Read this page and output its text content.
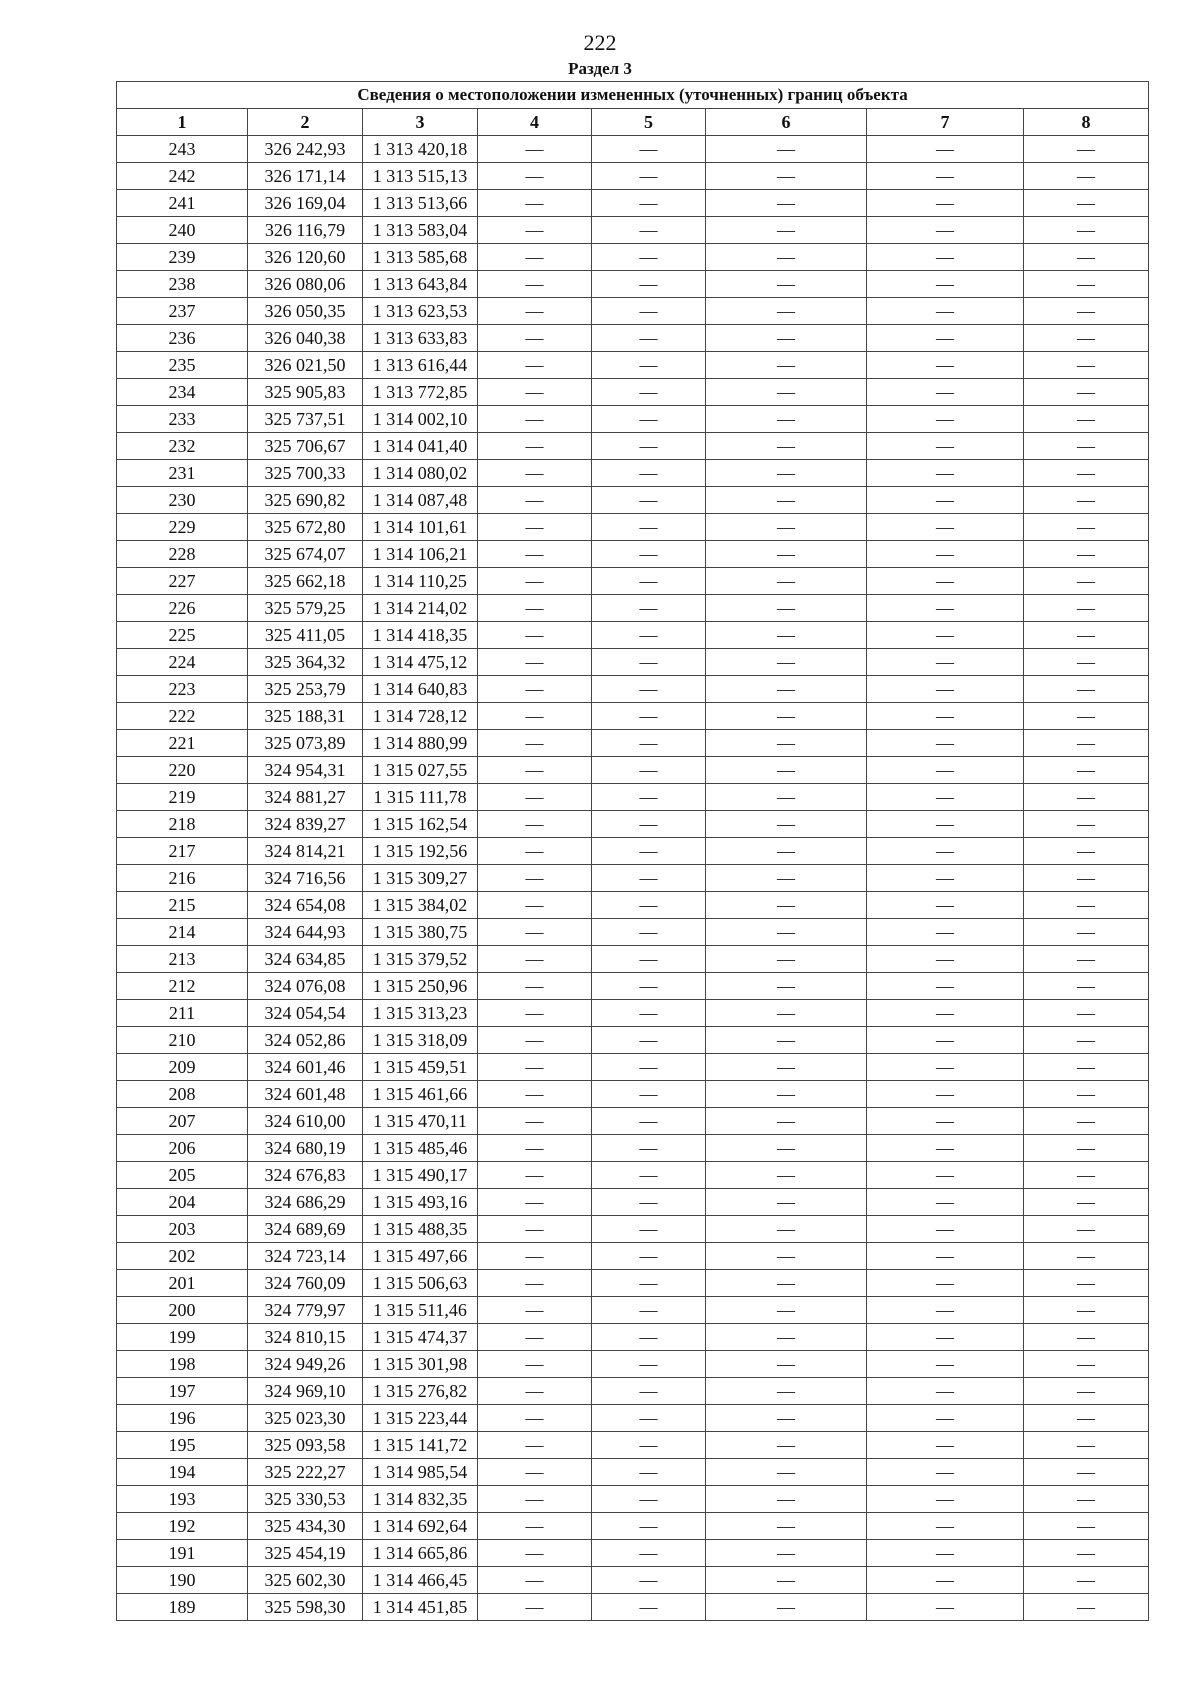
222
Раздел 3
Сведения о местоположении измененных (уточненных) границ объекта							
1	2	3	4	5	6	7	8
243	326 242,93	1 313 420,18	—	—	—	—	—
242	326 171,14	1 313 515,13	—	—	—	—	—
241	326 169,04	1 313 513,66	—	—	—	—	—
240	326 116,79	1 313 583,04	—	—	—	—	—
239	326 120,60	1 313 585,68	—	—	—	—	—
238	326 080,06	1 313 643,84	—	—	—	—	—
237	326 050,35	1 313 623,53	—	—	—	—	—
236	326 040,38	1 313 633,83	—	—	—	—	—
235	326 021,50	1 313 616,44	—	—	—	—	—
234	325 905,83	1 313 772,85	—	—	—	—	—
233	325 737,51	1 314 002,10	—	—	—	—	—
232	325 706,67	1 314 041,40	—	—	—	—	—
231	325 700,33	1 314 080,02	—	—	—	—	—
230	325 690,82	1 314 087,48	—	—	—	—	—
229	325 672,80	1 314 101,61	—	—	—	—	—
228	325 674,07	1 314 106,21	—	—	—	—	—
227	325 662,18	1 314 110,25	—	—	—	—	—
226	325 579,25	1 314 214,02	—	—	—	—	—
225	325 411,05	1 314 418,35	—	—	—	—	—
224	325 364,32	1 314 475,12	—	—	—	—	—
223	325 253,79	1 314 640,83	—	—	—	—	—
222	325 188,31	1 314 728,12	—	—	—	—	—
221	325 073,89	1 314 880,99	—	—	—	—	—
220	324 954,31	1 315 027,55	—	—	—	—	—
219	324 881,27	1 315 111,78	—	—	—	—	—
218	324 839,27	1 315 162,54	—	—	—	—	—
217	324 814,21	1 315 192,56	—	—	—	—	—
216	324 716,56	1 315 309,27	—	—	—	—	—
215	324 654,08	1 315 384,02	—	—	—	—	—
214	324 644,93	1 315 380,75	—	—	—	—	—
213	324 634,85	1 315 379,52	—	—	—	—	—
212	324 076,08	1 315 250,96	—	—	—	—	—
211	324 054,54	1 315 313,23	—	—	—	—	—
210	324 052,86	1 315 318,09	—	—	—	—	—
209	324 601,46	1 315 459,51	—	—	—	—	—
208	324 601,48	1 315 461,66	—	—	—	—	—
207	324 610,00	1 315 470,11	—	—	—	—	—
206	324 680,19	1 315 485,46	—	—	—	—	—
205	324 676,83	1 315 490,17	—	—	—	—	—
204	324 686,29	1 315 493,16	—	—	—	—	—
203	324 689,69	1 315 488,35	—	—	—	—	—
202	324 723,14	1 315 497,66	—	—	—	—	—
201	324 760,09	1 315 506,63	—	—	—	—	—
200	324 779,97	1 315 511,46	—	—	—	—	—
199	324 810,15	1 315 474,37	—	—	—	—	—
198	324 949,26	1 315 301,98	—	—	—	—	—
197	324 969,10	1 315 276,82	—	—	—	—	—
196	325 023,30	1 315 223,44	—	—	—	—	—
195	325 093,58	1 315 141,72	—	—	—	—	—
194	325 222,27	1 314 985,54	—	—	—	—	—
193	325 330,53	1 314 832,35	—	—	—	—	—
192	325 434,30	1 314 692,64	—	—	—	—	—
191	325 454,19	1 314 665,86	—	—	—	—	—
190	325 602,30	1 314 466,45	—	—	—	—	—
189	325 598,30	1 314 451,85	—	—	—	—	—
